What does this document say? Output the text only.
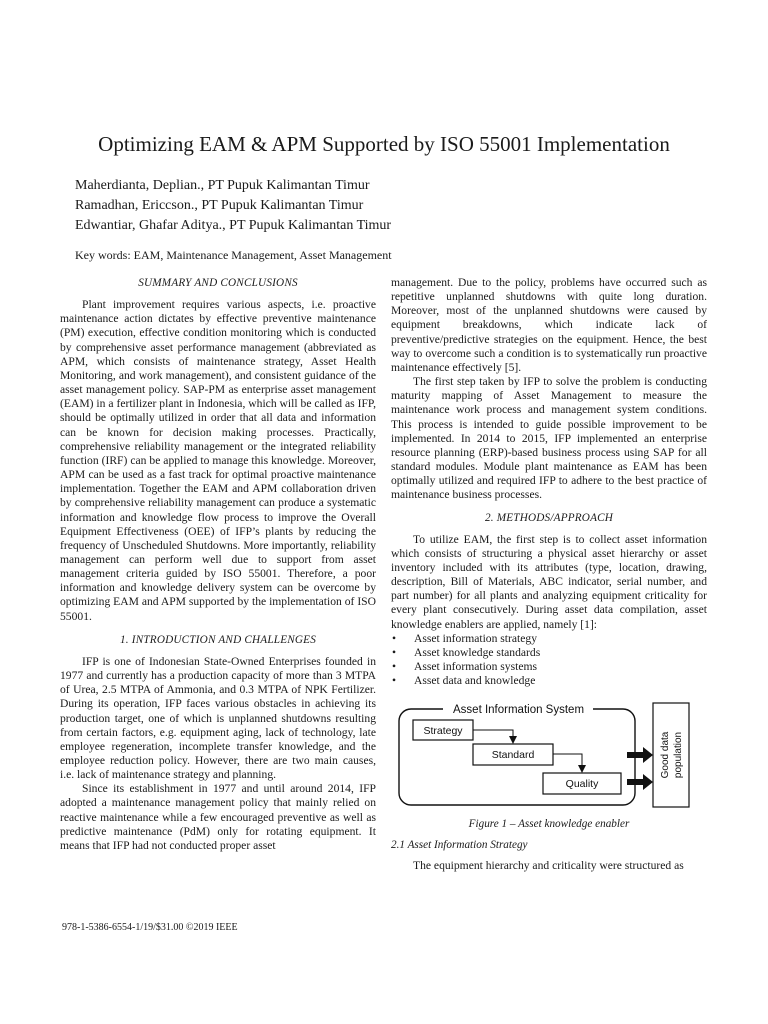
Optimizing EAM & APM Supported by ISO 55001 Implementation
Maherdianta, Deplian., PT Pupuk Kalimantan Timur
Ramadhan, Ericcson., PT Pupuk Kalimantan Timur
Edwantiar, Ghafar Aditya., PT Pupuk Kalimantan Timur
Key words: EAM, Maintenance Management, Asset Management
SUMMARY AND CONCLUSIONS

Plant improvement requires various aspects, i.e. proactive maintenance action dictates by effective preventive maintenance (PM) execution, effective condition monitoring which is conducted by comprehensive asset performance management (abbreviated as APM, which consists of maintenance strategy, Asset Health Monitoring, and work management), and consistent guidance of the asset management policy. SAP-PM as enterprise asset management (EAM) in a fertilizer plant in Indonesia, which will be called as IFP, should be optimally utilized in order that all data and information can be known for decision making processes. Practically, comprehensive reliability management or the integrated reliability function (IRF) can be applied to manage this knowledge. Moreover, APM can be used as a fast track for optimal proactive maintenance implementation. Together the EAM and APM collaboration driven by comprehensive reliability management can produce a systematic information and knowledge flow process to improve the Overall Equipment Effectiveness (OEE) of IFP’s plants by reducing the frequency of Unscheduled Shutdowns. More importantly, reliability management can perform well due to support from asset management criteria guided by ISO 55001. Therefore, a poor information and knowledge delivery system can be overcome by optimizing EAM and APM supported by the implementation of ISO 55001.

1. INTRODUCTION AND CHALLENGES

IFP is one of Indonesian State-Owned Enterprises founded in 1977 and currently has a production capacity of more than 3 MTPA of Urea, 2.5 MTPA of Ammonia, and 0.3 MTPA of NPK Fertilizer. During its operation, IFP faces various obstacles in achieving its production target, one of which is unplanned shutdowns resulting from certain factors, e.g. equipment aging, lack of technology, late employee regeneration, incomplete transfer knowledge, and the employee reduction policy. However, there are two main causes, i.e. lack of maintenance strategy and planning.

Since its establishment in 1977 and until around 2014, IFP adopted a maintenance management policy that mainly relied on reactive maintenance while a few encouraged preventive as well as predictive maintenance (PdM) only for rotating equipment. It means that IFP had not conducted proper asset

management. Due to the policy, problems have occurred such as repetitive unplanned shutdowns with quite long duration. Moreover, most of the unplanned shutdowns were caused by equipment breakdowns, which indicate lack of preventive/predictive strategies on the equipment. Hence, the best way to overcome such a condition is to systematically run proactive maintenance effectively [5].

The first step taken by IFP to solve the problem is conducting maturity mapping of Asset Management to measure the maintenance work process and management system conditions. This process is intended to guide possible improvement to be implemented. In 2014 to 2015, IFP implemented an enterprise resource planning (ERP)-based business process using SAP for all standard modules. Module plant maintenance as EAM has been optimally utilized and required IFP to adhere to the best practice of maintenance business processes.

2. METHODS/APPROACH

To utilize EAM, the first step is to collect asset information which consists of structuring a physical asset hierarchy or asset inventory included with its attributes (type, location, drawing, description, Bill of Materials, ABC indicator, serial number, and part number) for all plants and analyzing equipment criticality for every plant consecutively. During asset data compilation, asset knowledge enablers are applied, namely [1]:

• Asset information strategy
• Asset knowledge standards
• Asset information systems
• Asset data and knowledge
Asset Information System
Strategy
Standard
Quality
Good data population
Figure 1 – Asset knowledge enabler
2.1 Asset Information Strategy

The equipment hierarchy and criticality were structured as

978-1-5386-6554-1/19/$31.00 ©2019 IEEE
